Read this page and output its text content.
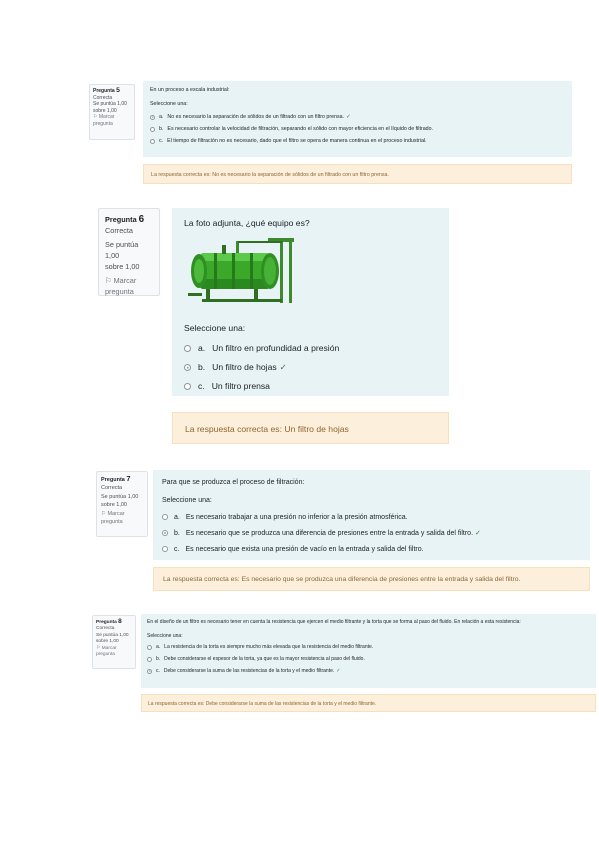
Pregunta 5
Correcta
Se puntúa 1,00
sobre 1,00
⚐ Marcar pregunta
En un proceso a escala industrial:
Seleccione una:
a. No es necesario la separación de sólidos de un filtrado con un filtro prensa. ✓
b. Es necesario controlar la velocidad de filtración, separando el sólido con mayor eficiencia en el líquido de filtrado.
c. El tiempo de filtración no es necesario, dado que el filtro se opera de manera continua en el proceso industrial.
La respuesta correcta es: No es necesario la separación de sólidos de un filtrado con un filtro prensa.
Pregunta 6
Correcta
Se puntúa 1,00
sobre 1,00
⚐ Marcar pregunta
La foto adjunta, ¿qué equipo es?
Seleccione una:
a. Un filtro en profundidad a presión
b. Un filtro de hojas ✓
c. Un filtro prensa
La respuesta correcta es: Un filtro de hojas
Pregunta 7
Correcta
Se puntúa 1,00
sobre 1,00
⚐ Marcar pregunta
Para que se produzca el proceso de filtración:
Seleccione una:
a. Es necesario trabajar a una presión no inferior a la presión atmosférica.
b. Es necesario que se produzca una diferencia de presiones entre la entrada y salida del filtro. ✓
c. Es necesario que exista una presión de vacío en la entrada y salida del filtro.
La respuesta correcta es: Es necesario que se produzca una diferencia de presiones entre la entrada y salida del filtro.
Pregunta 8
Correcta
Se puntúa 1,00
sobre 1,00
⚐ Marcar pregunta
En el diseño de un filtro es necesario tener en cuenta la resistencia que ejercen el medio filtrante y la torta que se forma al paso del fluido. En relación a esta resistencia:
Seleccione una:
a. La resistencia de la torta es siempre mucho más elevada que la resistencia del medio filtrante.
b. Debe considerarse el espesor de la torta, ya que es la mayor resistencia al paso del fluido.
c. Debe considerarse la suma de las resistencias de la torta y el medio filtrante. ✓
La respuesta correcta es: Debe considerarse la suma de las resistencias de la torta y el medio filtrante.
